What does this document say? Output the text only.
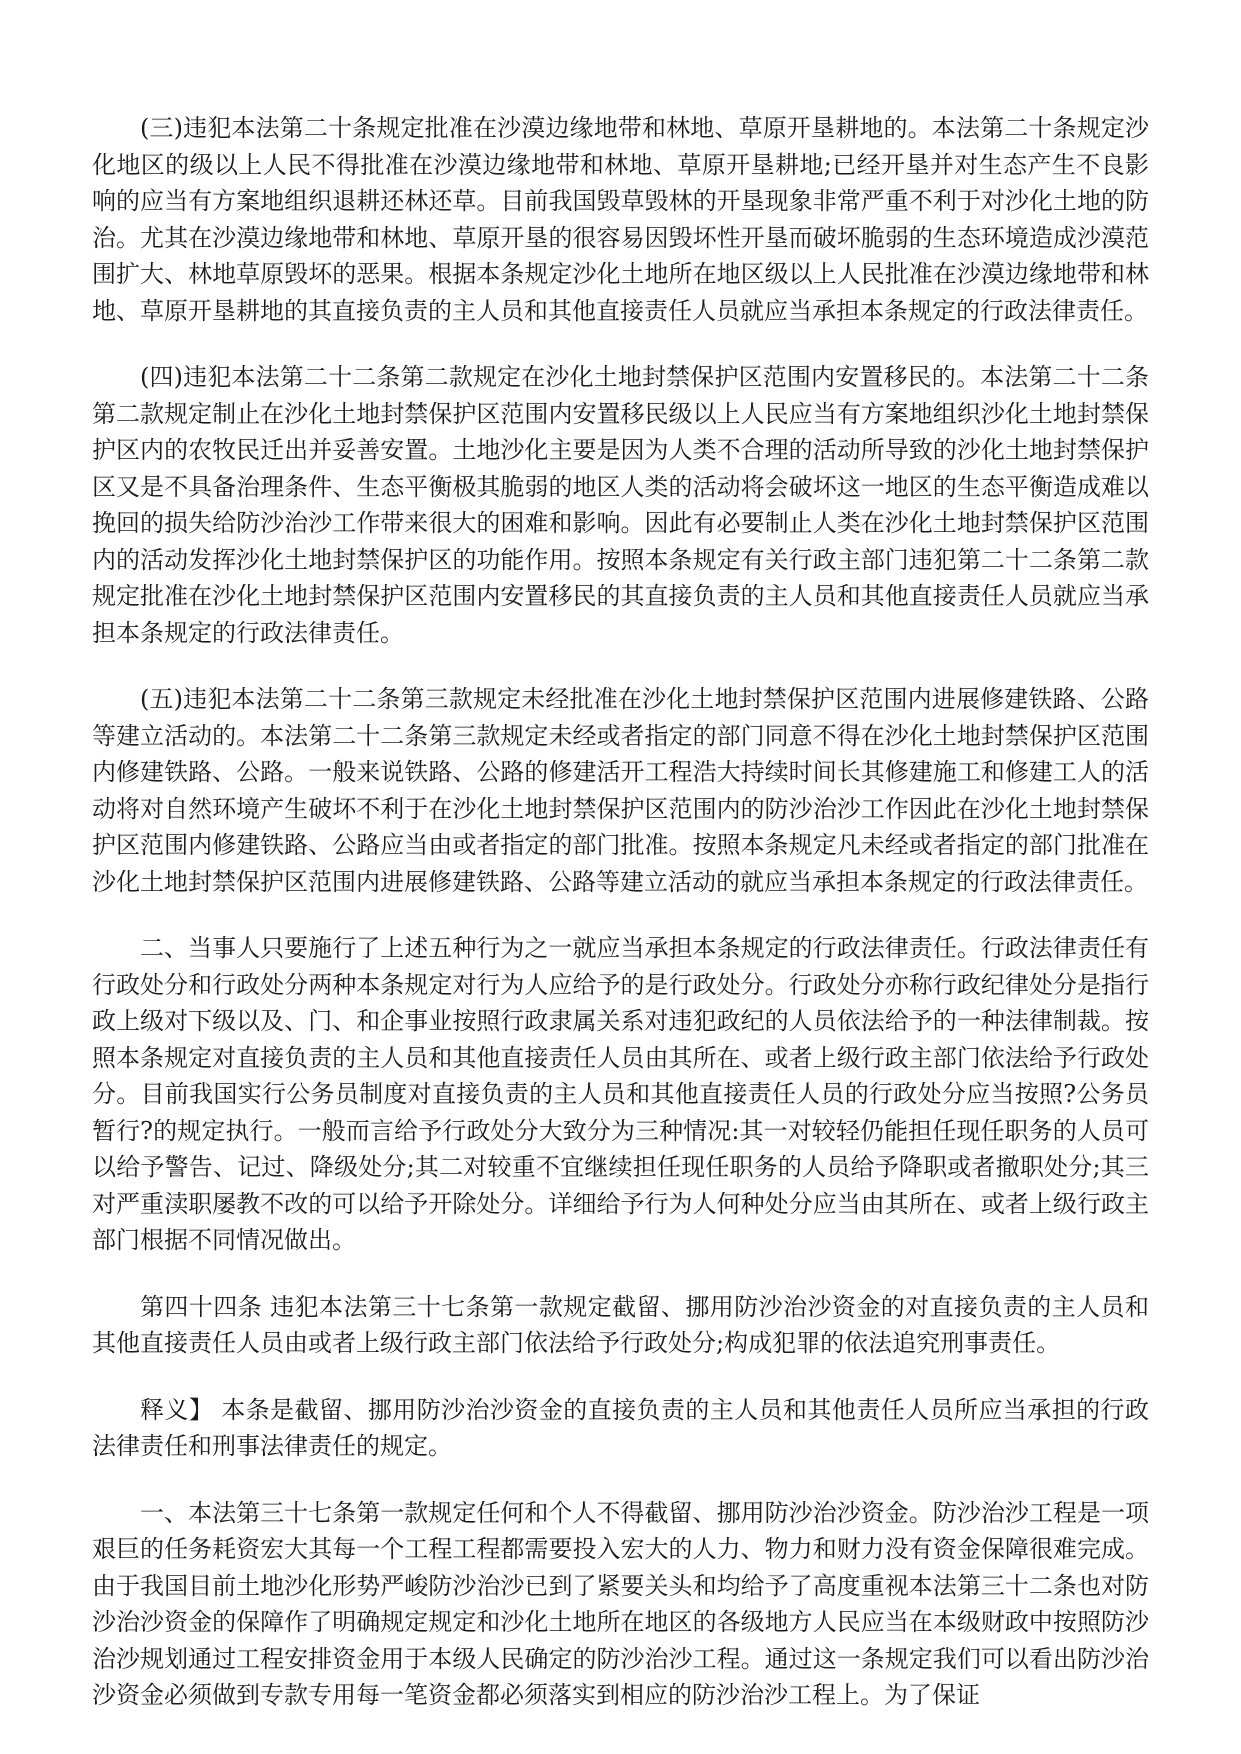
(三)违犯本法第二十条规定批准在沙漠边缘地带和林地、草原开垦耕地的。本法第二十条规定沙化地区的级以上人民不得批准在沙漠边缘地带和林地、草原开垦耕地;已经开垦并对生态产生不良影响的应当有方案地组织退耕还林还草。目前我国毁草毁林的开垦现象非常严重不利于对沙化土地的防治。尤其在沙漠边缘地带和林地、草原开垦的很容易因毁坏性开垦而破坏脆弱的生态环境造成沙漠范围扩大、林地草原毁坏的恶果。根据本条规定沙化土地所在地区级以上人民批准在沙漠边缘地带和林地、草原开垦耕地的其直接负责的主人员和其他直接责任人员就应当承担本条规定的行政法律责任。

(四)违犯本法第二十二条第二款规定在沙化土地封禁保护区范围内安置移民的。本法第二十二条第二款规定制止在沙化土地封禁保护区范围内安置移民级以上人民应当有方案地组织沙化土地封禁保护区内的农牧民迁出并妥善安置。土地沙化主要是因为人类不合理的活动所导致的沙化土地封禁保护区又是不具备治理条件、生态平衡极其脆弱的地区人类的活动将会破坏这一地区的生态平衡造成难以挽回的损失给防沙治沙工作带来很大的困难和影响。因此有必要制止人类在沙化土地封禁保护区范围内的活动发挥沙化土地封禁保护区的功能作用。按照本条规定有关行政主部门违犯第二十二条第二款规定批准在沙化土地封禁保护区范围内安置移民的其直接负责的主人员和其他直接责任人员就应当承担本条规定的行政法律责任。

(五)违犯本法第二十二条第三款规定未经批准在沙化土地封禁保护区范围内进展修建铁路、公路等建立活动的。本法第二十二条第三款规定未经或者指定的部门同意不得在沙化土地封禁保护区范围内修建铁路、公路。一般来说铁路、公路的修建活开工程浩大持续时间长其修建施工和修建工人的活动将对自然环境产生破坏不利于在沙化土地封禁保护区范围内的防沙治沙工作因此在沙化土地封禁保护区范围内修建铁路、公路应当由或者指定的部门批准。按照本条规定凡未经或者指定的部门批准在沙化土地封禁保护区范围内进展修建铁路、公路等建立活动的就应当承担本条规定的行政法律责任。

二、当事人只要施行了上述五种行为之一就应当承担本条规定的行政法律责任。行政法律责任有行政处分和行政处分两种本条规定对行为人应给予的是行政处分。行政处分亦称行政纪律处分是指行政上级对下级以及、门、和企事业按照行政隶属关系对违犯政纪的人员依法给予的一种法律制裁。按照本条规定对直接负责的主人员和其他直接责任人员由其所在、或者上级行政主部门依法给予行政处分。目前我国实行公务员制度对直接负责的主人员和其他直接责任人员的行政处分应当按照?公务员暂行?的规定执行。一般而言给予行政处分大致分为三种情况:其一对较轻仍能担任现任职务的人员可以给予警告、记过、降级处分;其二对较重不宜继续担任现任职务的人员给予降职或者撤职处分;其三对严重渎职屡教不改的可以给予开除处分。详细给予行为人何种处分应当由其所在、或者上级行政主部门根据不同情况做出。

第四十四条 违犯本法第三十七条第一款规定截留、挪用防沙治沙资金的对直接负责的主人员和其他直接责任人员由或者上级行政主部门依法给予行政处分;构成犯罪的依法追究刑事责任。

释义】 本条是截留、挪用防沙治沙资金的直接负责的主人员和其他责任人员所应当承担的行政法律责任和刑事法律责任的规定。

一、本法第三十七条第一款规定任何和个人不得截留、挪用防沙治沙资金。防沙治沙工程是一项艰巨的任务耗资宏大其每一个工程工程都需要投入宏大的人力、物力和财力没有资金保障很难完成。由于我国目前土地沙化形势严峻防沙治沙已到了紧要关头和均给予了高度重视本法第三十二条也对防沙治沙资金的保障作了明确规定规定和沙化土地所在地区的各级地方人民应当在本级财政中按照防沙治沙规划通过工程安排资金用于本级人民确定的防沙治沙工程。通过这一条规定我们可以看出防沙治沙资金必须做到专款专用每一笔资金都必须落实到相应的防沙治沙工程上。为了保证
